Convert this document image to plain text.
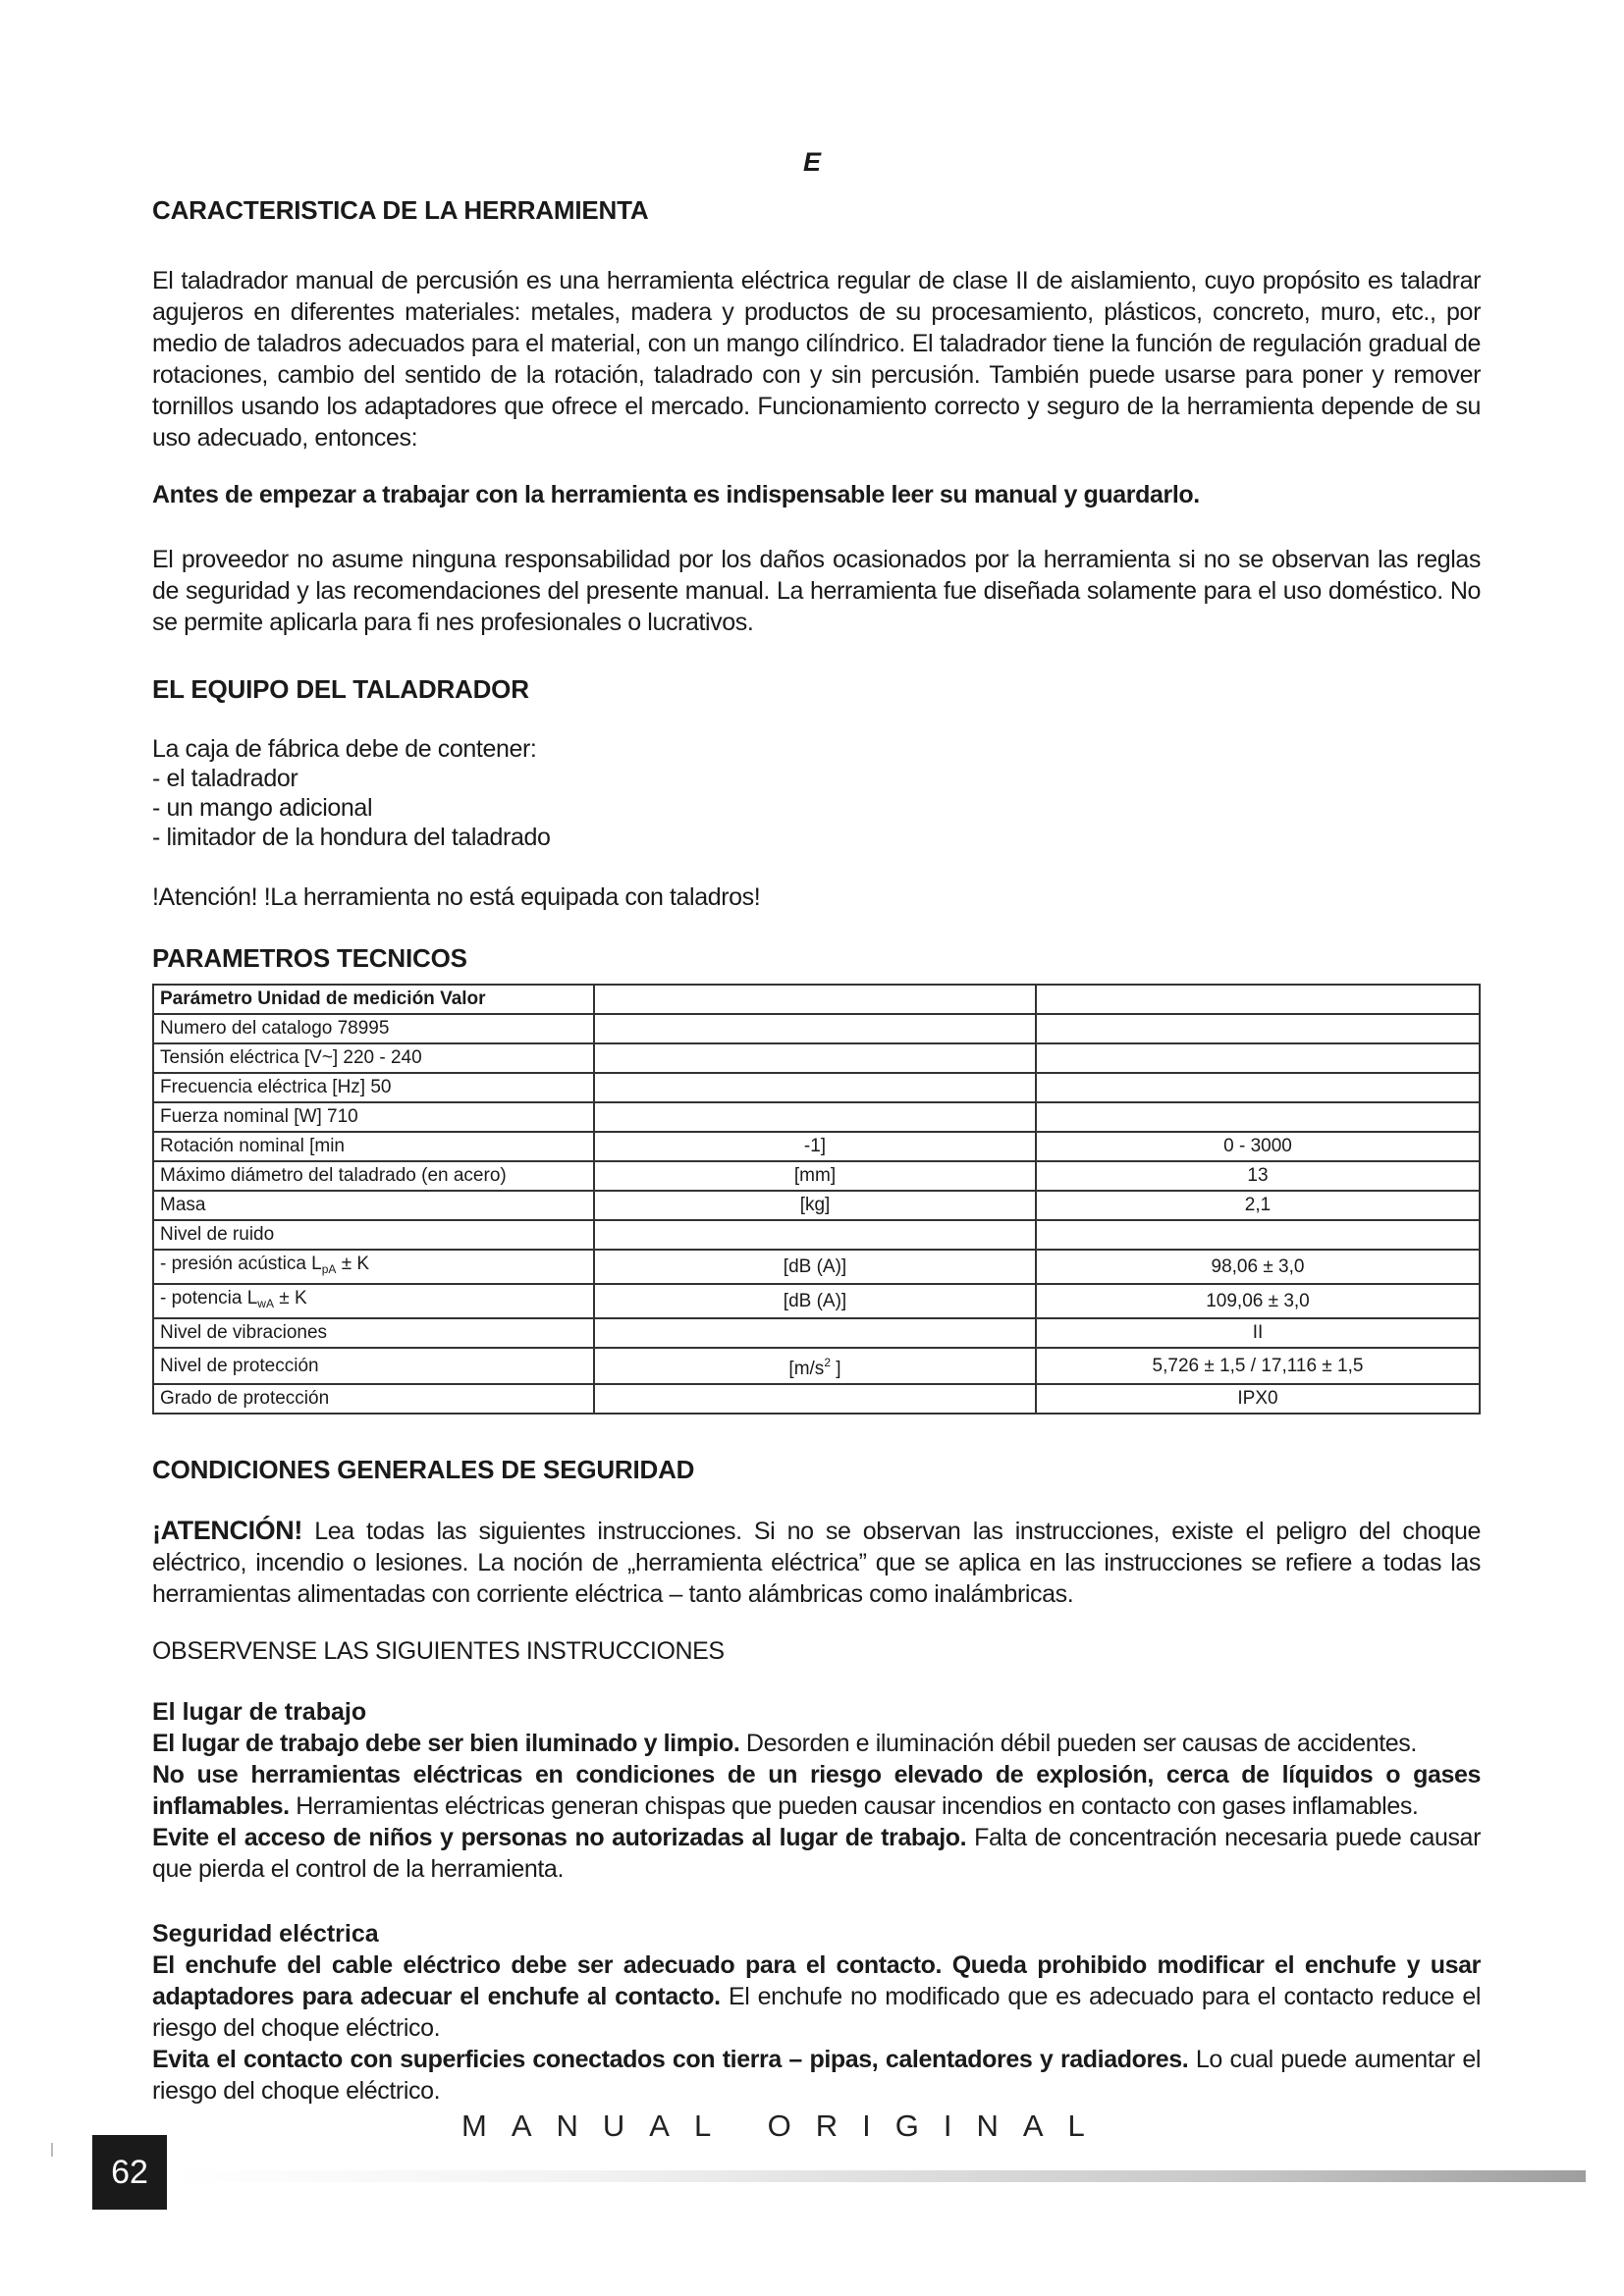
E
CARACTERISTICA DE LA HERRAMIENTA

El taladrador manual de percusión es una herramienta eléctrica regular de clase II de aislamiento, cuyo propósito es taladrar agujeros en diferentes materiales: metales, madera y productos de su procesamiento, plásticos, concreto, muro, etc., por medio de taladros adecuados para el material, con un mango cilíndrico. El taladrador tiene la función de regulación gradual de rotaciones, cambio del sentido de la rotación, taladrado con y sin percusión. También puede usarse para poner y remover tornillos usando los adaptadores que ofrece el mercado. Funcionamiento correcto y seguro de la herramienta depende de su uso adecuado, entonces:

Antes de empezar a trabajar con la herramienta es indispensable leer su manual y guardarlo.

El proveedor no asume ninguna responsabilidad por los daños ocasionados por la herramienta si no se observan las reglas de seguridad y las recomendaciones del presente manual. La herramienta fue diseñada solamente para el uso doméstico. No se permite aplicarla para fi nes profesionales o lucrativos.

EL EQUIPO DEL TALADRADOR
La caja de fábrica debe de contener:
- el taladrador
- un mango adicional
- limitador de la hondura del taladrado

!Atención! !La herramienta no está equipada con taladros!

PARAMETROS TECNICOS
Parámetro Unidad de medición Valor		
Numero del catalogo 78995		
Tensión eléctrica [V~] 220 - 240		
Frecuencia eléctrica [Hz] 50		
Fuerza nominal [W] 710		
Rotación nominal [min	-1]	0 - 3000
Máximo diámetro del taladrado (en acero)	[mm]	13
Masa	[kg]	2,1
Nivel de ruido		
- presión acústica $L_{pA} \pm K$	[dB (A)]	98,06 ± 3,0
- potencia $L_{wA} \pm K$	[dB (A)]	109,06 ± 3,0
Nivel de vibraciones		II
Nivel de protección	[$m/s^2$ ]	5,726 ± 1,5 / 17,116 ± 1,5
Grado de protección		IPX0
CONDICIONES GENERALES DE SEGURIDAD

¡ATENCIÓN! Lea todas las siguientes instrucciones. Si no se observan las instrucciones, existe el peligro del choque eléctrico, incendio o lesiones. La noción de „herramienta eléctrica” que se aplica en las instrucciones se refiere a todas las herramientas alimentadas con corriente eléctrica – tanto alámbricas como inalámbricas.

OBSERVENSE LAS SIGUIENTES INSTRUCCIONES

El lugar de trabajo

El lugar de trabajo debe ser bien iluminado y limpio. Desorden e iluminación débil pueden ser causas de accidentes.

No use herramientas eléctricas en condiciones de un riesgo elevado de explosión, cerca de líquidos o gases inflamables. Herramientas eléctricas generan chispas que pueden causar incendios en contacto con gases inflamables.

Evite el acceso de niños y personas no autorizadas al lugar de trabajo. Falta de concentración necesaria puede causar que pierda el control de la herramienta.

Seguridad eléctrica

El enchufe del cable eléctrico debe ser adecuado para el contacto. Queda prohibido modificar el enchufe y usar adaptadores para adecuar el enchufe al contacto. El enchufe no modificado que es adecuado para el contacto reduce el riesgo del choque eléctrico.

Evita el contacto con superficies conectados con tierra – pipas, calentadores y radiadores. Lo cual puede aumentar el riesgo del choque eléctrico.

62
MANUAL ORIGINAL
